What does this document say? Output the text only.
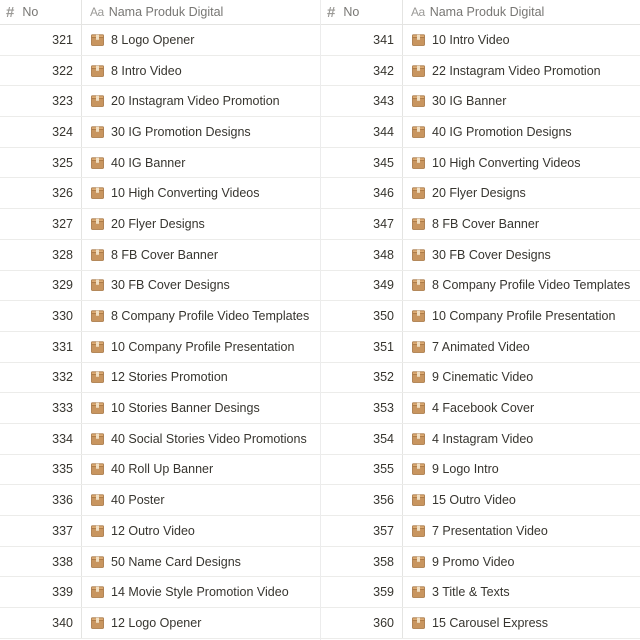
# No	Aa Nama Produk Digital
321	8 Logo Opener
322	8 Intro Video
323	20 Instagram Video Promotion
324	30 IG Promotion Designs
325	40 IG Banner
326	10 High Converting Videos
327	20 Flyer Designs
328	8 FB Cover Banner
329	30 FB Cover Designs
330	8 Company Profile Video Templates
331	10 Company Profile Presentation
332	12 Stories Promotion
333	10 Stories Banner Desings
334	40 Social Stories Video Promotions
335	40 Roll Up Banner
336	40 Poster
337	12 Outro Video
338	50 Name Card Designs
339	14 Movie Style Promotion Video
340	12 Logo Opener
# No	Aa Nama Produk Digital
341	10 Intro Video
342	22 Instagram Video Promotion
343	30 IG Banner
344	40 IG Promotion Designs
345	10 High Converting Videos
346	20 Flyer Designs
347	8 FB Cover Banner
348	30 FB Cover Designs
349	8 Company Profile Video Templates
350	10 Company Profile Presentation
351	7 Animated Video
352	9 Cinematic Video
353	4 Facebook Cover
354	4 Instagram Video
355	9 Logo Intro
356	15 Outro Video
357	7 Presentation Video
358	9 Promo Video
359	3 Title & Texts
360	15 Carousel Express
